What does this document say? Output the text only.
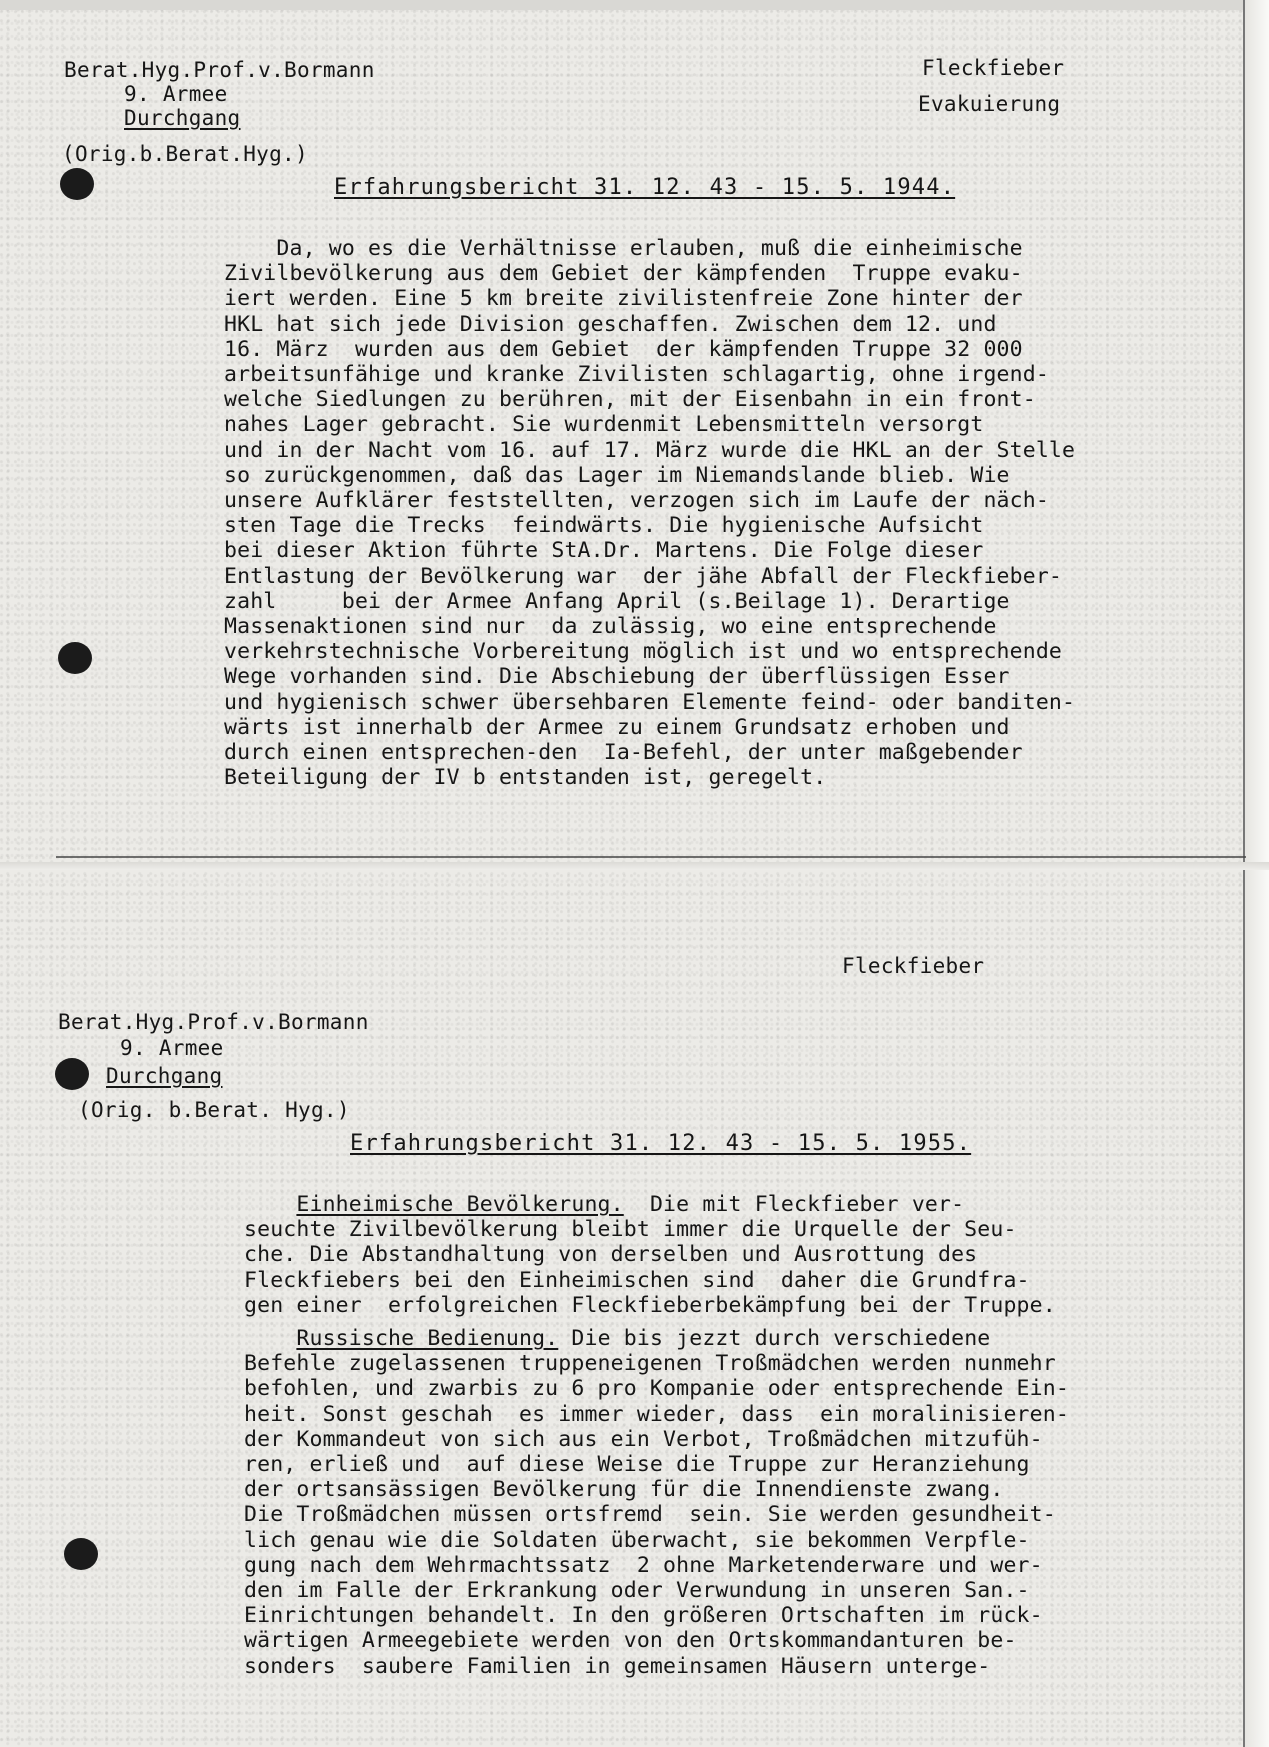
Berat.Hyg.Prof.v.Bormann
9. Armee
Durchgang
(Orig.b.Berat.Hyg.)
Fleckfieber
Evakuierung
Erfahrungsbericht 31. 12. 43 - 15. 5. 1944.
Da, wo es die Verhältnisse erlauben, muß die einheimische
Zivilbevölkerung aus dem Gebiet der kämpfenden  Truppe evaku-
iert werden. Eine 5 km breite zivilistenfreie Zone hinter der
HKL hat sich jede Division geschaffen. Zwischen dem 12. und
16. März  wurden aus dem Gebiet  der kämpfenden Truppe 32 000
arbeitsunfähige und kranke Zivilisten schlagartig, ohne irgend-
welche Siedlungen zu berühren, mit der Eisenbahn in ein front-
nahes Lager gebracht. Sie wurdenmit Lebensmitteln versorgt
und in der Nacht vom 16. auf 17. März wurde die HKL an der Stelle
so zurückgenommen, daß das Lager im Niemandslande blieb. Wie
unsere Aufklärer feststellten, verzogen sich im Laufe der näch-
sten Tage die Trecks  feindwärts. Die hygienische Aufsicht
bei dieser Aktion führte StA.Dr. Martens. Die Folge dieser
Entlastung der Bevölkerung war  der jähe Abfall der Fleckfieber-
zahl     bei der Armee Anfang April (s.Beilage 1). Derartige
Massenaktionen sind nur  da zulässig, wo eine entsprechende
verkehrstechnische Vorbereitung möglich ist und wo entsprechende
Wege vorhanden sind. Die Abschiebung der überflüssigen Esser
und hygienisch schwer übersehbaren Elemente feind- oder banditen-
wärts ist innerhalb der Armee zu einem Grundsatz erhoben und
durch einen entsprechen-den  Ia-Befehl, der unter maßgebender
Beteiligung der IV b entstanden ist, geregelt.
Fleckfieber
Berat.Hyg.Prof.v.Bormann
9. Armee
Durchgang
(Orig. b.Berat. Hyg.)
Erfahrungsbericht 31. 12. 43 - 15. 5. 1955.
Einheimische Bevölkerung.  Die mit Fleckfieber ver-
seuchte Zivilbevölkerung bleibt immer die Urquelle der Seu-
che. Die Abstandhaltung von derselben und Ausrottung des
Fleckfiebers bei den Einheimischen sind  daher die Grundfra-
gen einer  erfolgreichen Fleckfieberbekämpfung bei der Truppe.
Russische Bedienung. Die bis jezzt durch verschiedene
Befehle zugelassenen truppeneigenen Troßmädchen werden nunmehr
befohlen, und zwarbis zu 6 pro Kompanie oder entsprechende Ein-
heit. Sonst geschah  es immer wieder, dass  ein moralinisieren-
der Kommandeut von sich aus ein Verbot, Troßmädchen mitzufüh-
ren, erließ und  auf diese Weise die Truppe zur Heranziehung
der ortsansässigen Bevölkerung für die Innendienste zwang.
Die Troßmädchen müssen ortsfremd  sein. Sie werden gesundheit-
lich genau wie die Soldaten überwacht, sie bekommen Verpfle-
gung nach dem Wehrmachtssatz  2 ohne Marketenderware und wer-
den im Falle der Erkrankung oder Verwundung in unseren San.-
Einrichtungen behandelt. In den größeren Ortschaften im rück-
wärtigen Armeegebiete werden von den Ortskommandanturen be-
sonders  saubere Familien in gemeinsamen Häusern unterge-
